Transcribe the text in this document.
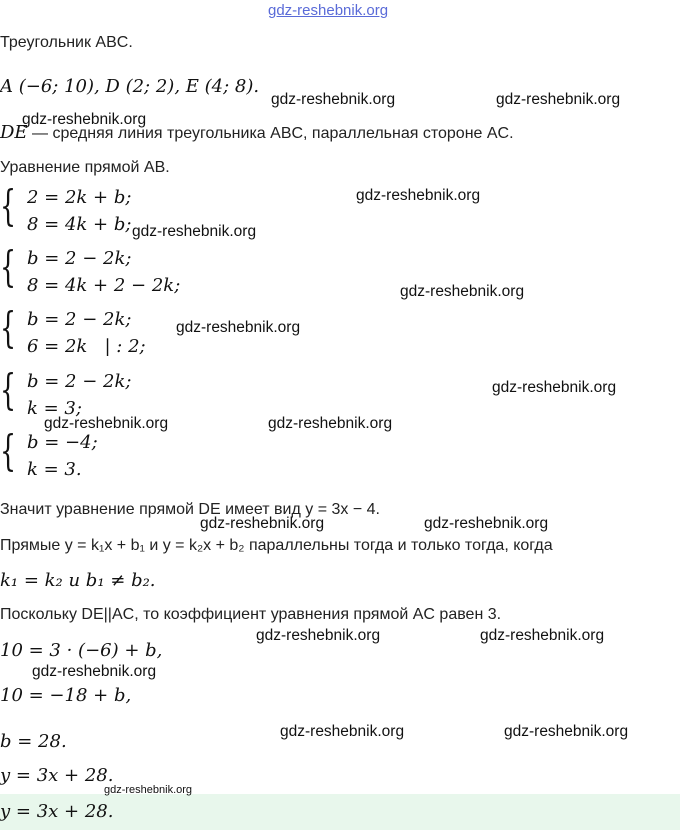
gdz-reshebnik.org
Треугольник ABC.
A (−6; 10), D (2; 2), E (4; 8).
gdz-reshebnik.org	gdz-reshebnik.org
DE — средняя линия треугольника ABC, параллельная стороне AC.
gdz-reshebnik.org
Уравнение прямой AB.
{ 2 = 2k + b;
8 = 4k + b;
gdz-reshebnik.org
gdz-reshebnik.org
{ b = 2 − 2k;
8 = 4k + 2 − 2k;	gdz-reshebnik.org
{ b = 2 − 2k;
6 = 2k   | : 2;
gdz-reshebnik.org
{ b = 2 − 2k;
k = 3;
gdz-reshebnik.org
gdz-reshebnik.org	gdz-reshebnik.org
{ b = −4;
k = 3.
Значит уравнение прямой DE имеет вид y = 3x − 4.
gdz-reshebnik.org	gdz-reshebnik.org
Прямые y = k₁x + b₁ и y = k₂x + b₂ параллельны тогда и только тогда, когда
k₁ = k₂ и b₁ ≠ b₂.
Поскольку DE||AC, то коэффициент уравнения прямой AC равен 3.
gdz-reshebnik.org	gdz-reshebnik.org
10 = 3 · (−6) + b,
gdz-reshebnik.org
10 = −18 + b,
b = 28.	gdz-reshebnik.org	gdz-reshebnik.org
y = 3x + 28.
y = 3x + 28.
gdz-reshebnik.org
